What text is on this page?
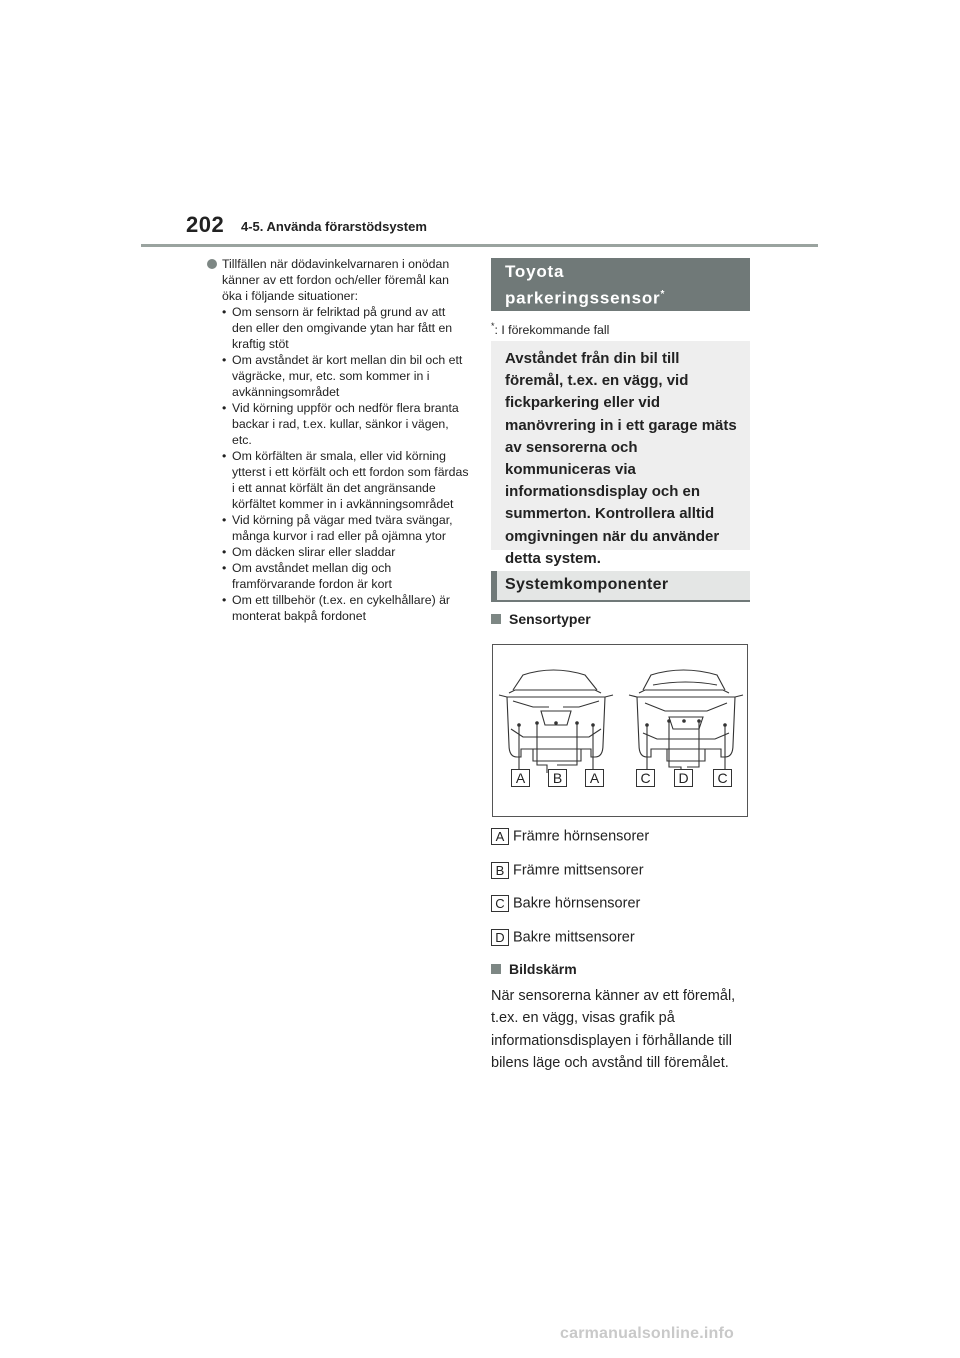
202 4-5. Använda förarstödsystem
Tillfällen när dödavinkelvarnaren i onödan känner av ett fordon och/eller föremål kan öka i följande situationer:
• Om sensorn är felriktad på grund av att den eller den omgivande ytan har fått en kraftig stöt
• Om avståndet är kort mellan din bil och ett vägräcke, mur, etc. som kommer in i avkänningsområdet
• Vid körning uppför och nedför flera branta backar i rad, t.ex. kullar, sänkor i vägen, etc.
• Om körfälten är smala, eller vid körning ytterst i ett körfält och ett fordon som färdas i ett annat körfält än det angränsande körfältet kommer in i avkänningsområdet
• Vid körning på vägar med tvära svängar, många kurvor i rad eller på ojämna ytor
• Om däcken slirar eller sladdar
• Om avståndet mellan dig och framförvarande fordon är kort
• Om ett tillbehör (t.ex. en cykelhållare) är monterat bakpå fordonet
Toyota
parkeringssensor*
*: I förekommande fall
Avståndet från din bil till föremål, t.ex. en vägg, vid fickparkering eller vid manövrering in i ett garage mäts av sensorerna och kommuniceras via informationsdisplay och en summerton. Kontrollera alltid omgivningen när du använder detta system.
Systemkomponenter
Sensortyper
A	B	A	C	D	C
A Främre hörnsensorer
B Främre mittsensorer
C Bakre hörnsensorer
D Bakre mittsensorer
Bildskärm
När sensorerna känner av ett föremål, t.ex. en vägg, visas grafik på informationsdisplayen i förhållande till bilens läge och avstånd till föremålet.
carmanualsonline.info
